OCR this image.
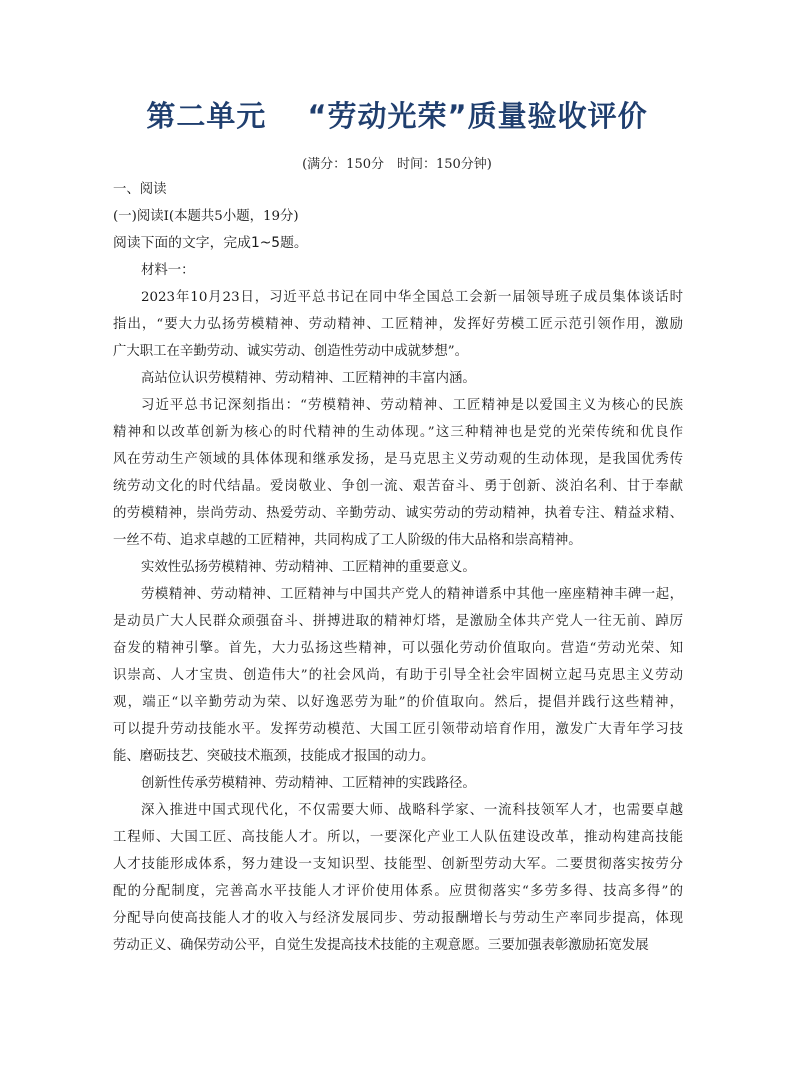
第二单元　 “劳动光荣”质量验收评价
(满分：150分　时间：150分钟)
一、阅读
(一)阅读Ⅰ(本题共5小题，19分)
阅读下面的文字，完成1~5题。
材料一：
2023年10月23日，习近平总书记在同中华全国总工会新一届领导班子成员集体谈话时
指出，“要大力弘扬劳模精神、劳动精神、工匠精神，发挥好劳模工匠示范引领作用，激励
广大职工在辛勤劳动、诚实劳动、创造性劳动中成就梦想”。
高站位认识劳模精神、劳动精神、工匠精神的丰富内涵。
习近平总书记深刻指出：“劳模精神、劳动精神、工匠精神是以爱国主义为核心的民族
精神和以改革创新为核心的时代精神的生动体现。”这三种精神也是党的光荣传统和优良作
风在劳动生产领域的具体体现和继承发扬，是马克思主义劳动观的生动体现，是我国优秀传
统劳动文化的时代结晶。爱岗敬业、争创一流、艰苦奋斗、勇于创新、淡泊名利、甘于奉献
的劳模精神，崇尚劳动、热爱劳动、辛勤劳动、诚实劳动的劳动精神，执着专注、精益求精、
一丝不苟、追求卓越的工匠精神，共同构成了工人阶级的伟大品格和崇高精神。
实效性弘扬劳模精神、劳动精神、工匠精神的重要意义。
劳模精神、劳动精神、工匠精神与中国共产党人的精神谱系中其他一座座精神丰碑一起，
是动员广大人民群众顽强奋斗、拼搏进取的精神灯塔，是激励全体共产党人一往无前、踔厉
奋发的精神引擎。首先，大力弘扬这些精神，可以强化劳动价值取向。营造“劳动光荣、知
识崇高、人才宝贵、创造伟大”的社会风尚，有助于引导全社会牢固树立起马克思主义劳动
观，端正“以辛勤劳动为荣、以好逸恶劳为耻”的价值取向。然后，提倡并践行这些精神，
可以提升劳动技能水平。发挥劳动模范、大国工匠引领带动培育作用，激发广大青年学习技
能、磨砺技艺、突破技术瓶颈，技能成才报国的动力。
创新性传承劳模精神、劳动精神、工匠精神的实践路径。
深入推进中国式现代化，不仅需要大师、战略科学家、一流科技领军人才，也需要卓越
工程师、大国工匠、高技能人才。所以，一要深化产业工人队伍建设改革，推动构建高技能
人才技能形成体系，努力建设一支知识型、技能型、创新型劳动大军。二要贯彻落实按劳分
配的分配制度，完善高水平技能人才评价使用体系。应贯彻落实“多劳多得、技高多得”的
分配导向使高技能人才的收入与经济发展同步、劳动报酬增长与劳动生产率同步提高，体现
劳动正义、确保劳动公平，自觉生发提高技术技能的主观意愿。三要加强表彰激励拓宽发展
